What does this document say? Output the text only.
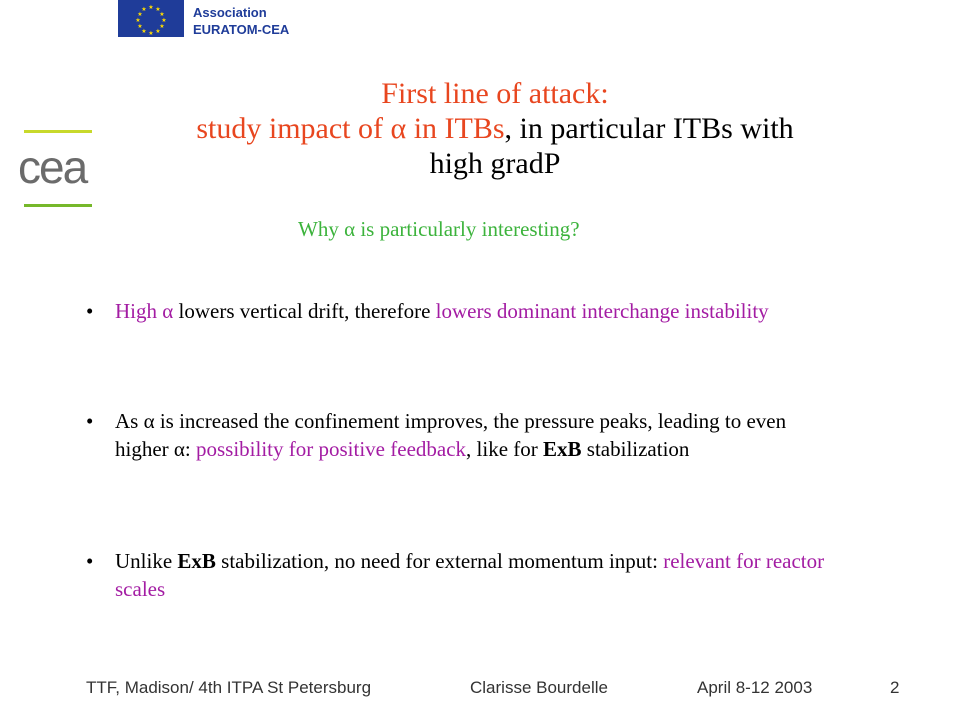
★ ★
★
★
★
★
★
★
★
★
★
★	Association
EURATOM-CEA
cea
First line of attack:
study impact of α in ITBs, in particular ITBs with
high gradP
Why α is particularly interesting?
• High α lowers vertical drift, therefore lowers dominant interchange instability
• As α is increased the confinement improves, the pressure peaks, leading to even higher α: possibility for positive feedback, like for ExB stabilization
• Unlike ExB stabilization, no need for external momentum input: relevant for reactor scales
TTF, Madison/ 4th ITPA St Petersburg	Clarisse Bourdelle	April 8-12 2003	2
